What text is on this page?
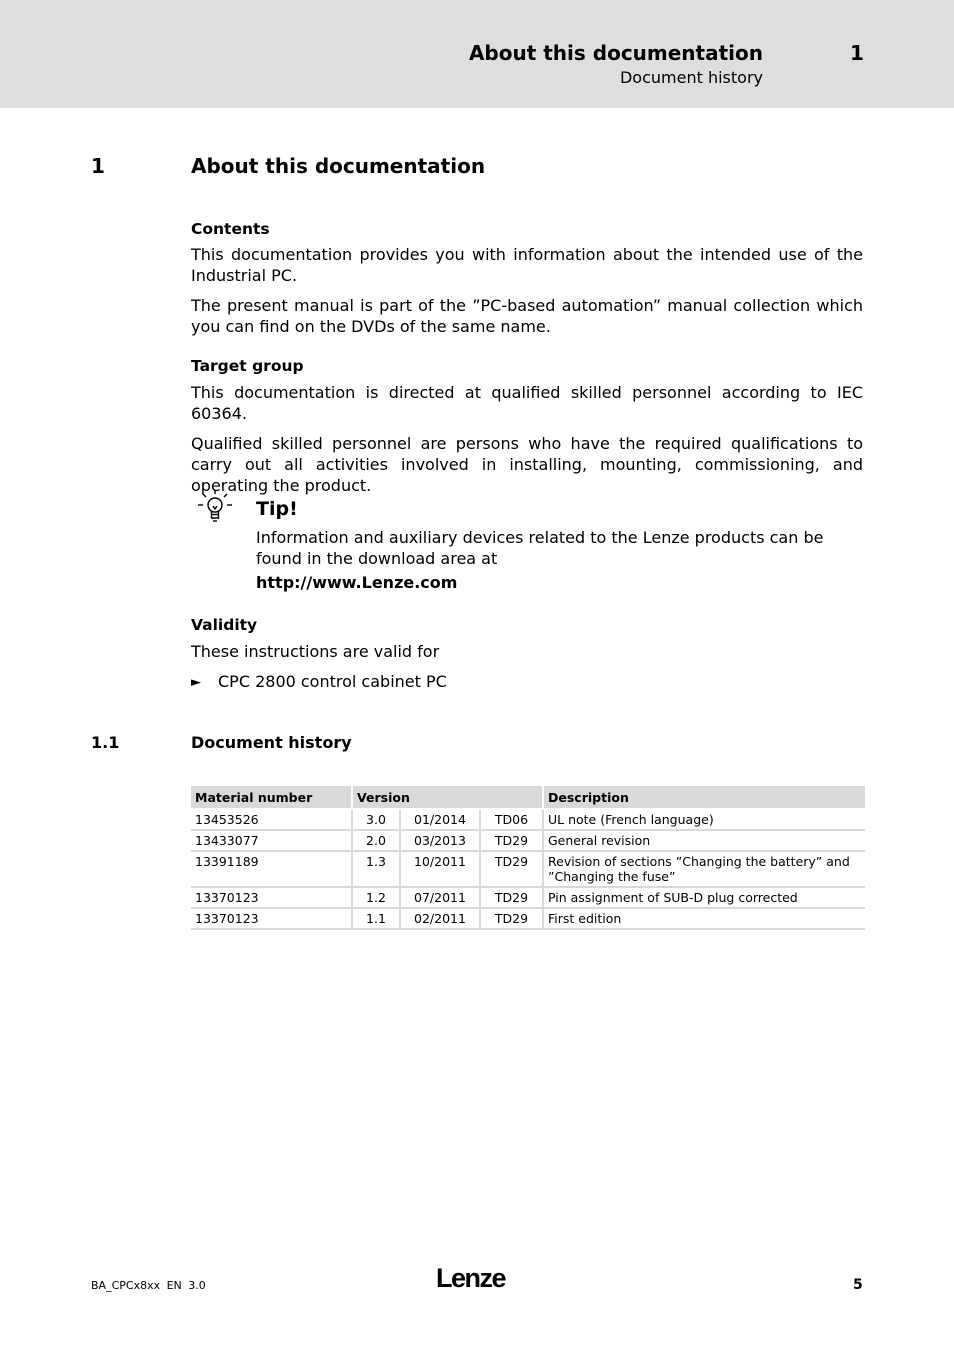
About this documentation	1
Document history
1	About this documentation
Contents

This documentation provides you with information about the intended use of the Industrial PC.

The present manual is part of the ”PC-based automation” manual collection which you can find on the DVDs of the same name.

Target group

This documentation is directed at qualified skilled personnel according to IEC 60364.

Qualified skilled personnel are persons who have the required qualifications to carry out all activities involved in installing, mounting, commissioning, and operating the product.

Tip!

Information and auxiliary devices related to the Lenze products can be found in the download area at

http://www.Lenze.com
Validity

These instructions are valid for

► CPC 2800 control cabinet PC
1.1	Document history
Material number	Version			Description
13453526	3.0	01/2014	TD06	UL note (French language)
13433077	2.0	03/2013	TD29	General revision
13391189	1.3	10/2011	TD29	Revision of sections ”Changing the battery” and ”Changing the fuse”
13370123	1.2	07/2011	TD29	Pin assignment of SUB-D plug corrected
13370123	1.1	02/2011	TD29	First edition
BA_CPCx8xx EN 3.0	Lenze	5
